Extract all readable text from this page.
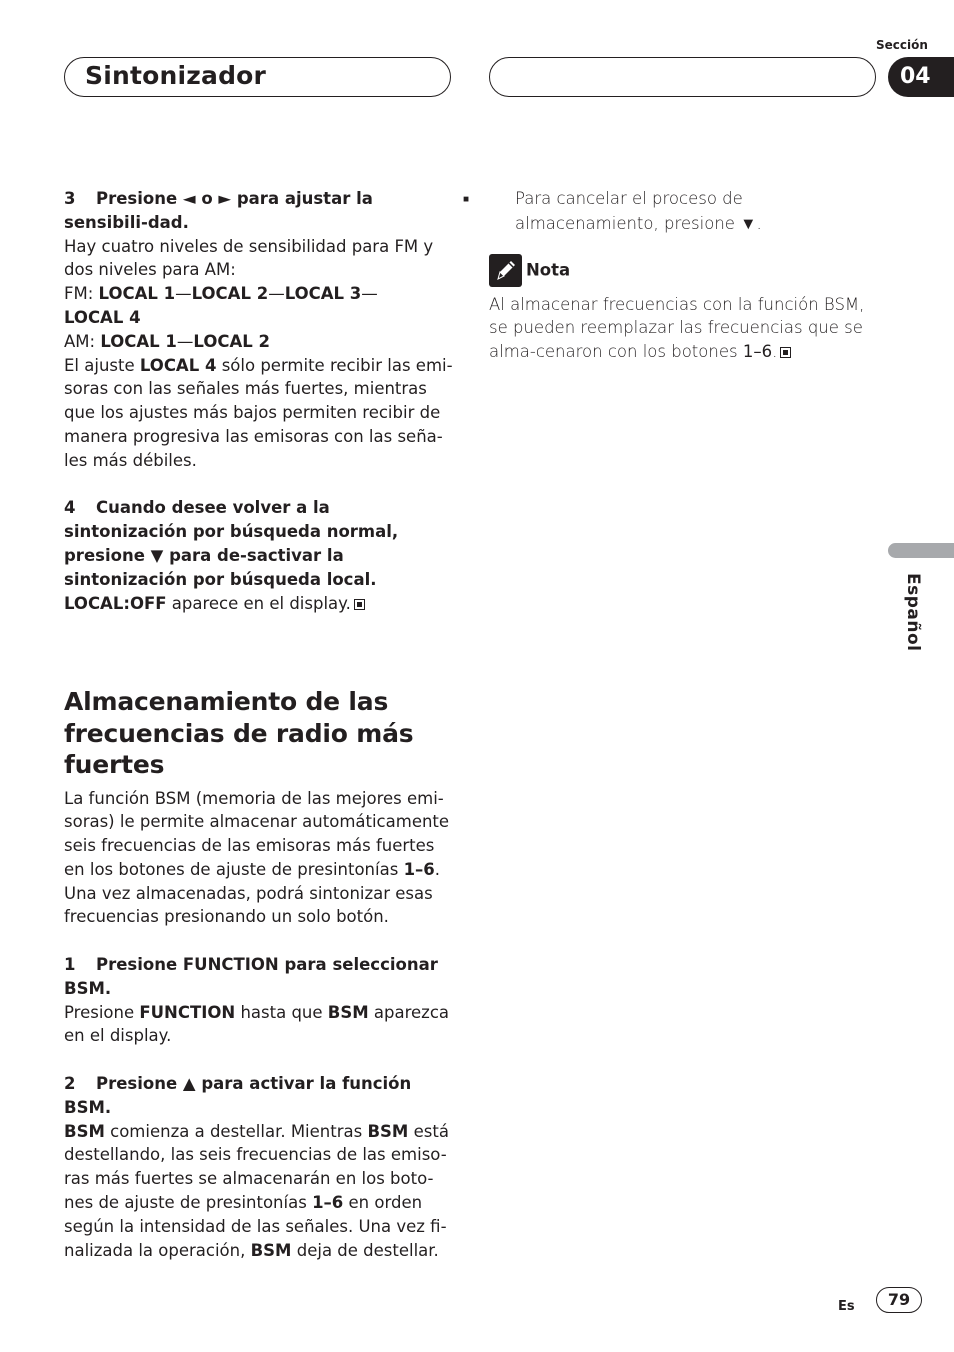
Sintonizador
Sección
04

3 Presione ◄ o ► para ajustar la sensibili-dad.

Hay cuatro niveles de sensibilidad para FM y

dos niveles para AM:

FM: LOCAL 1—LOCAL 2—LOCAL 3—
LOCAL 4

AM: LOCAL 1—LOCAL 2

El ajuste LOCAL 4 sólo permite recibir las emi-soras con las señales más fuertes, mientras que los ajustes más bajos permiten recibir de manera progresiva las emisoras con las seña-les más débiles.

4 Cuando desee volver a la sintonización por búsqueda normal, presione ▼ para de-sactivar la sintonización por búsqueda local.

LOCAL:OFF aparece en el display.

Almacenamiento de las frecuencias de radio más fuertes

La función BSM (memoria de las mejores emi-soras) le permite almacenar automáticamente seis frecuencias de las emisoras más fuertes en los botones de ajuste de presintonías 1–6. Una vez almacenadas, podrá sintonizar esas frecuencias presionando un solo botón.

1 Presione FUNCTION para seleccionar BSM.

Presione FUNCTION hasta que BSM aparezca en el display.

2 Presione ▲ para activar la función BSM.

BSM comienza a destellar. Mientras BSM está destellando, las seis frecuencias de las emiso-ras más fuertes se almacenarán en los boto-nes de ajuste de presintonías 1–6 en orden según la intensidad de las señales. Una vez fi-nalizada la operación, BSM deja de destellar.

■	Para cancelar el proceso de almacenamiento, presione ▼.

Nota

Al almacenar frecuencias con la función BSM, se pueden reemplazar las frecuencias que se alma-cenaron con los botones 1–6.

Español
Es	79
